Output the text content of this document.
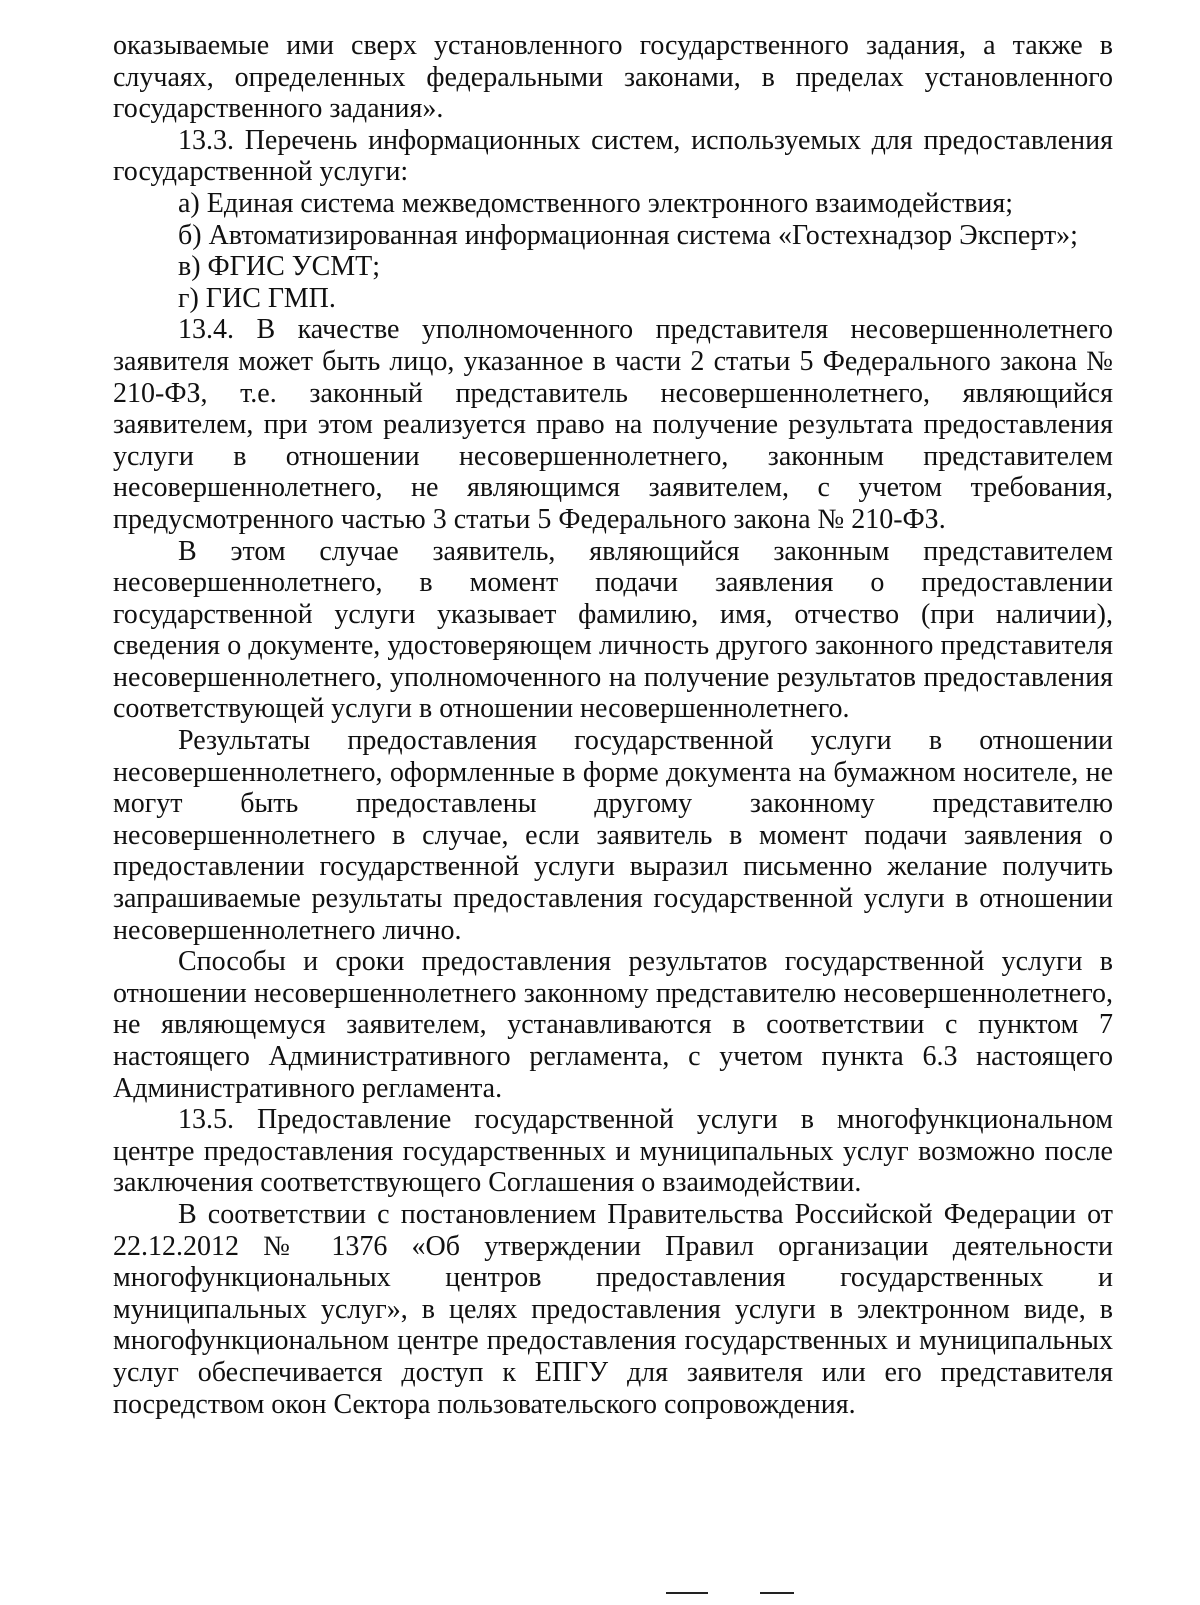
оказываемые ими сверх установленного государственного задания, а также в случаях, определенных федеральными законами, в пределах установленного государственного задания».

13.3. Перечень информационных систем, используемых для предоставления государственной услуги:

а) Единая система межведомственного электронного взаимодействия;

б) Автоматизированная информационная система «Гостехнадзор Эксперт»;

в) ФГИС УСМТ;

г) ГИС ГМП.

13.4. В качестве уполномоченного представителя несовершеннолетнего заявителя может быть лицо, указанное в части 2 статьи 5 Федерального закона № 210-ФЗ, т.е. законный представитель несовершеннолетнего, являющийся заявителем, при этом реализуется право на получение результата предоставления услуги в отношении несовершеннолетнего, законным представителем несовершеннолетнего, не являющимся заявителем, с учетом требования, предусмотренного частью 3 статьи 5 Федерального закона № 210-ФЗ.

В этом случае заявитель, являющийся законным представителем несовершеннолетнего, в момент подачи заявления о предоставлении государственной услуги указывает фамилию, имя, отчество (при наличии), сведения о документе, удостоверяющем личность другого законного представителя несовершеннолетнего, уполномоченного на получение результатов предоставления соответствующей услуги в отношении несовершеннолетнего.

Результаты предоставления государственной услуги в отношении несовершеннолетнего, оформленные в форме документа на бумажном носителе, не могут быть предоставлены другому законному представителю несовершеннолетнего в случае, если заявитель в момент подачи заявления о предоставлении государственной услуги выразил письменно желание получить запрашиваемые результаты предоставления государственной услуги в отношении несовершеннолетнего лично.

Способы и сроки предоставления результатов государственной услуги в отношении несовершеннолетнего законному представителю несовершеннолетнего, не являющемуся заявителем, устанавливаются в соответствии с пунктом 7 настоящего Административного регламента, с учетом пункта 6.3 настоящего Административного регламента.

13.5. Предоставление государственной услуги в многофункциональном центре предоставления государственных и муниципальных услуг возможно после заключения соответствующего Соглашения о взаимодействии.

В соответствии с постановлением Правительства Российской Федерации от 22.12.2012 № 1376 «Об утверждении Правил организации деятельности многофункциональных центров предоставления государственных и муниципальных услуг», в целях предоставления услуги в электронном виде, в многофункциональном центре предоставления государственных и муниципальных услуг обеспечивается доступ к ЕПГУ для заявителя или его представителя посредством окон Сектора пользовательского сопровождения.
